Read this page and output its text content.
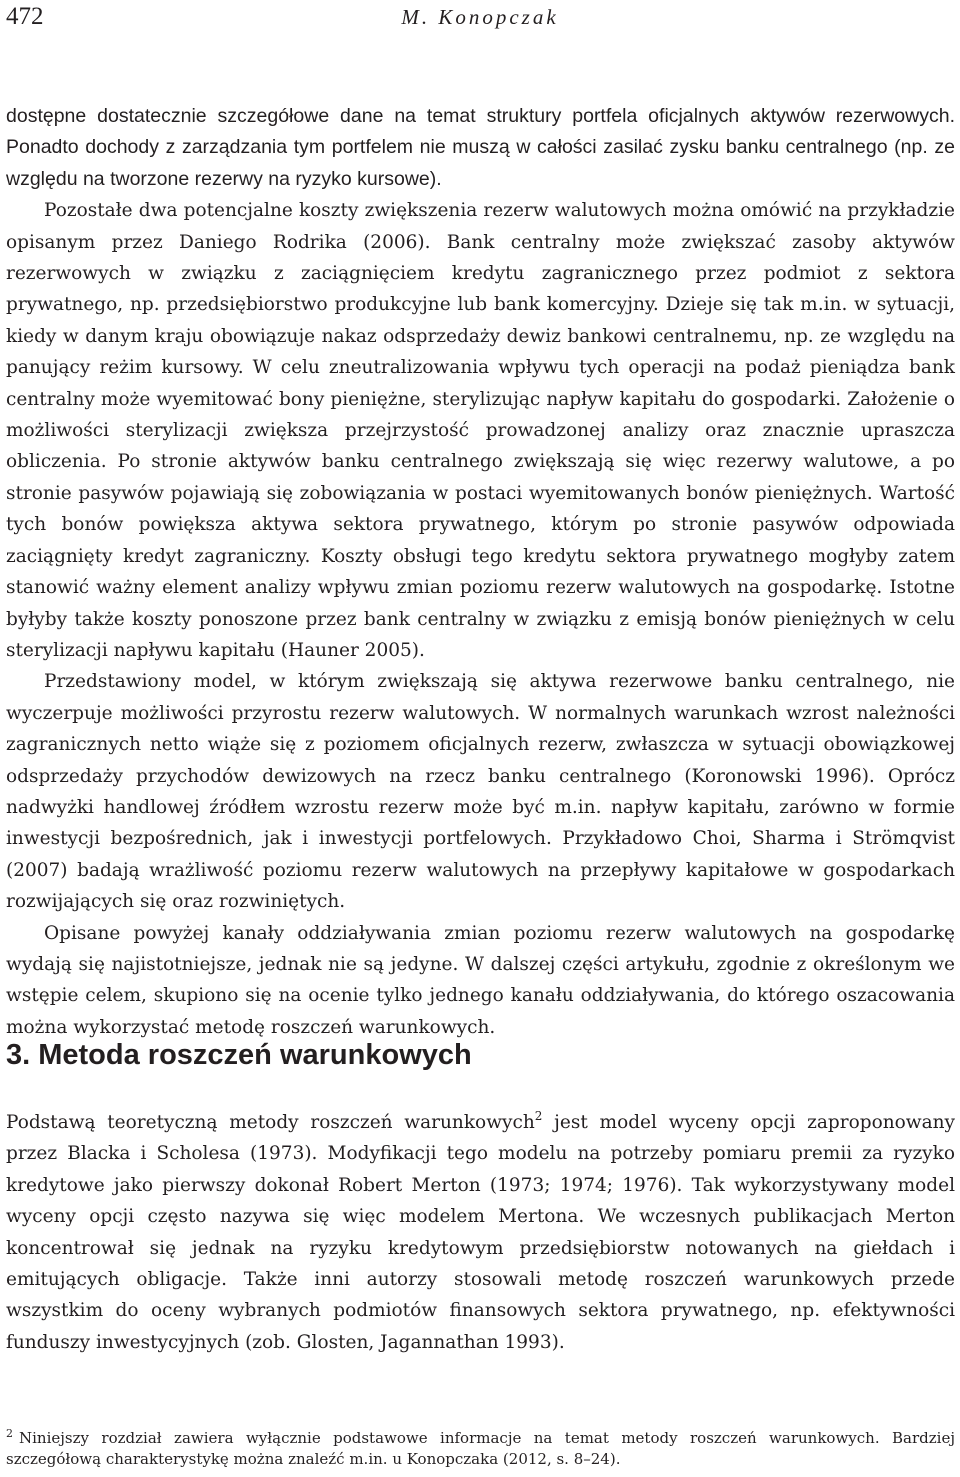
472	M. Konopczak

dostępne dostatecznie szczegółowe dane na temat struktury portfela oficjalnych aktywów rezerwowych. Ponadto dochody z zarządzania tym portfelem nie muszą w całości zasilać zysku banku centralnego (np. ze względu na tworzone rezerwy na ryzyko kursowe).

Pozostałe dwa potencjalne koszty zwiększenia rezerw walutowych można omówić na przykładzie opisanym przez Daniego Rodrika (2006). Bank centralny może zwiększać zasoby aktywów rezerwowych w związku z zaciągnięciem kredytu zagranicznego przez podmiot z sektora prywatnego, np. przedsiębiorstwo produkcyjne lub bank komercyjny. Dzieje się tak m.in. w sytuacji, kiedy w danym kraju obowiązuje nakaz odsprzedaży dewiz bankowi centralnemu, np. ze względu na panujący reżim kursowy. W celu zneutralizowania wpływu tych operacji na podaż pieniądza bank centralny może wyemitować bony pieniężne, sterylizując napływ kapitału do gospodarki. Założenie o możliwości sterylizacji zwiększa przejrzystość prowadzonej analizy oraz znacznie upraszcza obliczenia. Po stronie aktywów banku centralnego zwiększają się więc rezerwy walutowe, a po stronie pasywów pojawiają się zobowiązania w postaci wyemitowanych bonów pieniężnych. Wartość tych bonów powiększa aktywa sektora prywatnego, którym po stronie pasywów odpowiada zaciągnięty kredyt zagraniczny. Koszty obsługi tego kredytu sektora prywatnego mogłyby zatem stanowić ważny element analizy wpływu zmian poziomu rezerw walutowych na gospodarkę. Istotne byłyby także koszty ponoszone przez bank centralny w związku z emisją bonów pieniężnych w celu sterylizacji napływu kapitału (Hauner 2005).

Przedstawiony model, w którym zwiększają się aktywa rezerwowe banku centralnego, nie wyczerpuje możliwości przyrostu rezerw walutowych. W normalnych warunkach wzrost należności zagranicznych netto wiąże się z poziomem oficjalnych rezerw, zwłaszcza w sytuacji obowiązkowej odsprzedaży przychodów dewizowych na rzecz banku centralnego (Koronowski 1996). Oprócz nadwyżki handlowej źródłem wzrostu rezerw może być m.in. napływ kapitału, zarówno w formie inwestycji bezpośrednich, jak i inwestycji portfelowych. Przykładowo Choi, Sharma i Strömqvist (2007) badają wrażliwość poziomu rezerw walutowych na przepływy kapitałowe w gospodarkach rozwijających się oraz rozwiniętych.

Opisane powyżej kanały oddziaływania zmian poziomu rezerw walutowych na gospodarkę wydają się najistotniejsze, jednak nie są jedyne. W dalszej części artykułu, zgodnie z określonym we wstępie celem, skupiono się na ocenie tylko jednego kanału oddziaływania, do którego oszacowania można wykorzystać metodę roszczeń warunkowych.

3. Metoda roszczeń warunkowych

Podstawą teoretyczną metody roszczeń warunkowych$^2$ jest model wyceny opcji zaproponowany przez Blacka i Scholesa (1973). Modyfikacji tego modelu na potrzeby pomiaru premii za ryzyko kredytowe jako pierwszy dokonał Robert Merton (1973; 1974; 1976). Tak wykorzystywany model wyceny opcji często nazywa się więc modelem Mertona. We wczesnych publikacjach Merton koncentrował się jednak na ryzyku kredytowym przedsiębiorstw notowanych na giełdach i emitujących obligacje. Także inni autorzy stosowali metodę roszczeń warunkowych przede wszystkim do oceny wybranych podmiotów finansowych sektora prywatnego, np. efektywności funduszy inwestycyjnych (zob. Glosten, Jagannathan 1993).

$^2$ Niniejszy rozdział zawiera wyłącznie podstawowe informacje na temat metody roszczeń warunkowych. Bardziej szczegółową charakterystykę można znaleźć m.in. u Konopczaka (2012, s. 8–24).
